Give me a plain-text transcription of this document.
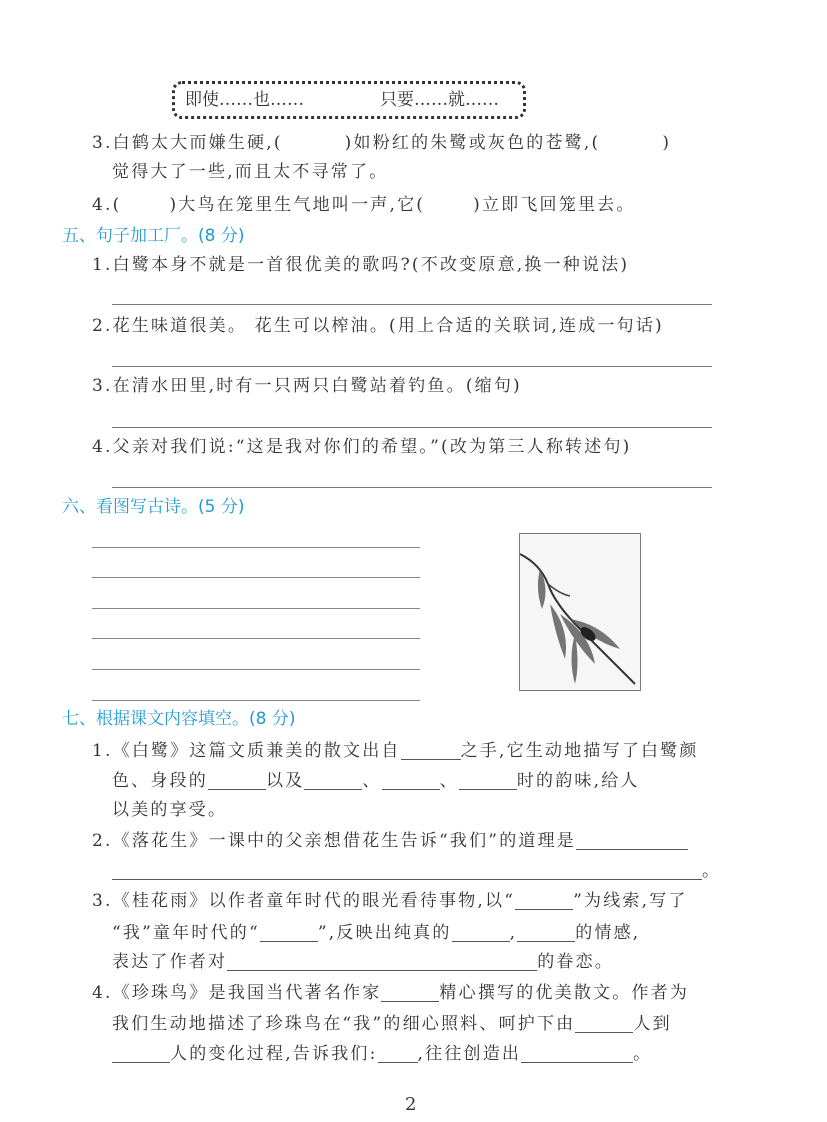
即使……也……	只要……就……
3.白鹤太大而嫌生硬,(	)如粉红的朱鹭或灰色的苍鹭,(	)
觉得大了一些,而且太不寻常了。
4.(	)大鸟在笼里生气地叫一声,它(	)立即飞回笼里去。
五、句子加工厂。(8 分)
1.白鹭本身不就是一首很优美的歌吗?(不改变原意,换一种说法)
2.花生味道很美。 花生可以榨油。(用上合适的关联词,连成一句话)
3.在清水田里,时有一只两只白鹭站着钓鱼。(缩句)
4.父亲对我们说:“这是我对你们的希望。”(改为第三人称转述句)
六、看图写古诗。(5 分)
七、根据课文内容填空。(8 分)
1.《白鹭》这篇文质兼美的散文出自	之手,它生动地描写了白鹭颜
色、身段的	以及	、	、	时的韵味,给人
以美的享受。
2.《落花生》一课中的父亲想借花生告诉“我们”的道理是
。
3.《桂花雨》以作者童年时代的眼光看待事物,以“	”为线索,写了
“我”童年时代的“	”,反映出纯真的	,	的情感,
表达了作者对	的眷恋。
4.《珍珠鸟》是我国当代著名作家	精心撰写的优美散文。作者为
我们生动地描述了珍珠鸟在“我”的细心照料、呵护下由	人到
人的变化过程,告诉我们: ,往往创造出	。
2
